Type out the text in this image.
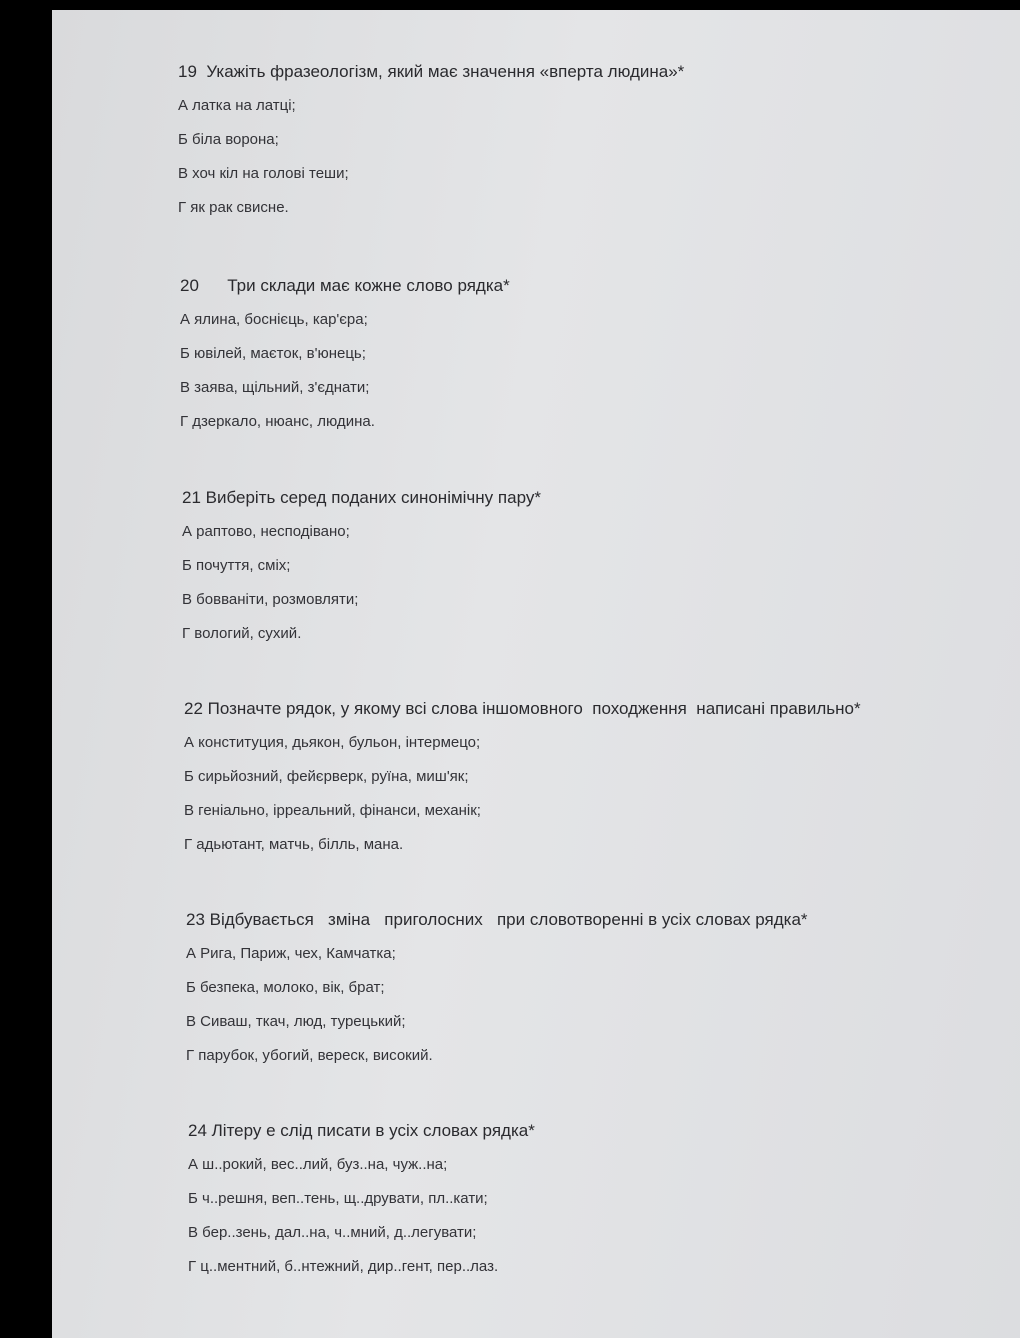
19  Укажіть фразеологізм, який має значення «вперта людина»*
А латка на латці;
Б біла ворона;
В хоч кіл на голові теши;
Г як рак свисне.
20      Три склади має кожне слово рядка*
А ялина, боснієць, кар'єра;
Б ювілей, маєток, в'юнець;
В заява, щільний, з'єднати;
Г дзеркало, нюанс, людина.
21 Виберіть серед поданих синонімічну пару*
А раптово, несподівано;
Б почуття, сміх;
В бовваніти, розмовляти;
Г вологий, сухий.
22 Позначте рядок, у якому всі слова іншомовного  походження  написані правильно*
А конституция, дьякон, бульон, інтермецо;
Б сирьйозний, фейєрверк, руїна, миш'як;
В геніально, ірреальний, фінанси, механік;
Г адьютант, матчь, білль, мана.
23 Відбувається   зміна   приголосних   при словотворенні в усіх словах рядка*
А Рига, Париж, чех, Камчатка;
Б безпека, молоко, вік, брат;
В Сиваш, ткач, люд, турецький;
Г парубок, убогий, вереск, високий.
24 Літеру е слід писати в усіх словах рядка*
А ш..рокий, вес..лий, буз..на, чуж..на;
Б ч..решня, веп..тень, щ..друвати, пл..кати;
В бер..зень, дал..на, ч..мний, д..легувати;
Г ц..ментний, б..нтежний, дир..гент, пер..лаз.
